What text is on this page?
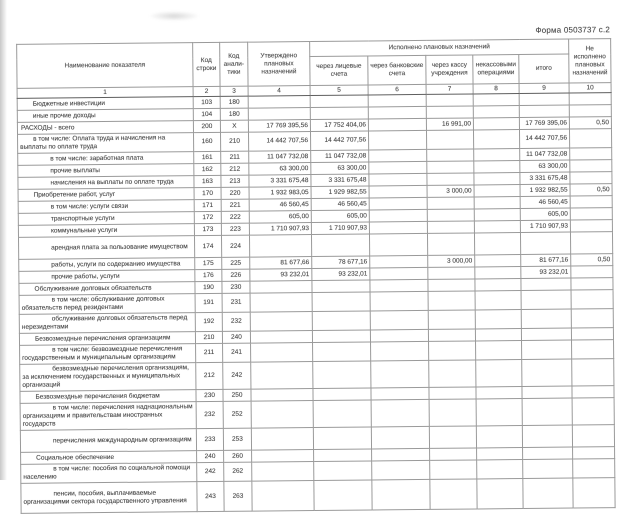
Форма 0503737 с.2
Наименование показателя	Код строки	Код аналитики	Утверждено плановых назначений	Исполнено плановых назначений					Не исполнено плановых назначений
				через лицевые счета	через банковские счета	через кассу учреждения	некассовыми операциями	итого	
1	2	3	4	5	6	7	8	9	10
Бюджетные инвестиции	103	180							
иные прочие доходы	104	180							
РАСХОДЫ - всего	200	X	17 769 395,56	17 752 404,06		16 991,00		17 769 395,06	0,50
в том числе: Оплата труда и начисления на выплаты по оплате труда	160	210	14 442 707,56	14 442 707,56				14 442 707,56	
в том числе: заработная плата	161	211	11 047 732,08	11 047 732,08				11 047 732,08	
прочие выплаты	162	212	63 300,00	63 300,00				63 300,00	
начисления на выплаты по оплате труда	163	213	3 331 675,48	3 331 675,48				3 331 675,48	
Приобретение работ, услуг	170	220	1 932 983,05	1 929 982,55		3 000,00		1 932 982,55	0,50
в том числе: услуги связи	171	221	46 560,45	46 560,45				46 560,45	
транспортные услуги	172	222	605,00	605,00				605,00	
коммунальные услуги	173	223	1 710 907,93	1 710 907,93				1 710 907,93	
арендная плата за пользование имуществом	174	224							
работы, услуги по содержанию имущества	175	225	81 677,66	78 677,16		3 000,00		81 677,16	0,50
прочие работы, услуги	176	226	93 232,01	93 232,01				93 232,01	
Обслуживание долговых обязательств	190	230							
в том числе: обслуживание долговых обязательств перед резидентами	191	231							
обслуживание долговых обязательств перед нерезидентами	192	232							
Безвозмездные перечисления организациям	210	240							
в том числе: безвозмездные перечисления государственным и муниципальным организациям	211	241							
безвозмездные перечисления организациям, за исключением государственных и муниципальных организаций	212	242							
Безвозмездные перечисления бюджетам	230	250							
в том числе: перечисления наднациональным организациям и правительствам иностранных государств	232	252							
перечисления международным организациям	233	253							
Социальное обеспечение	240	260							
в том числе: пособия по социальной помощи населению	242	262							
пенсии, пособия, выплачиваемые организациями сектора государственного управления	243	263							
